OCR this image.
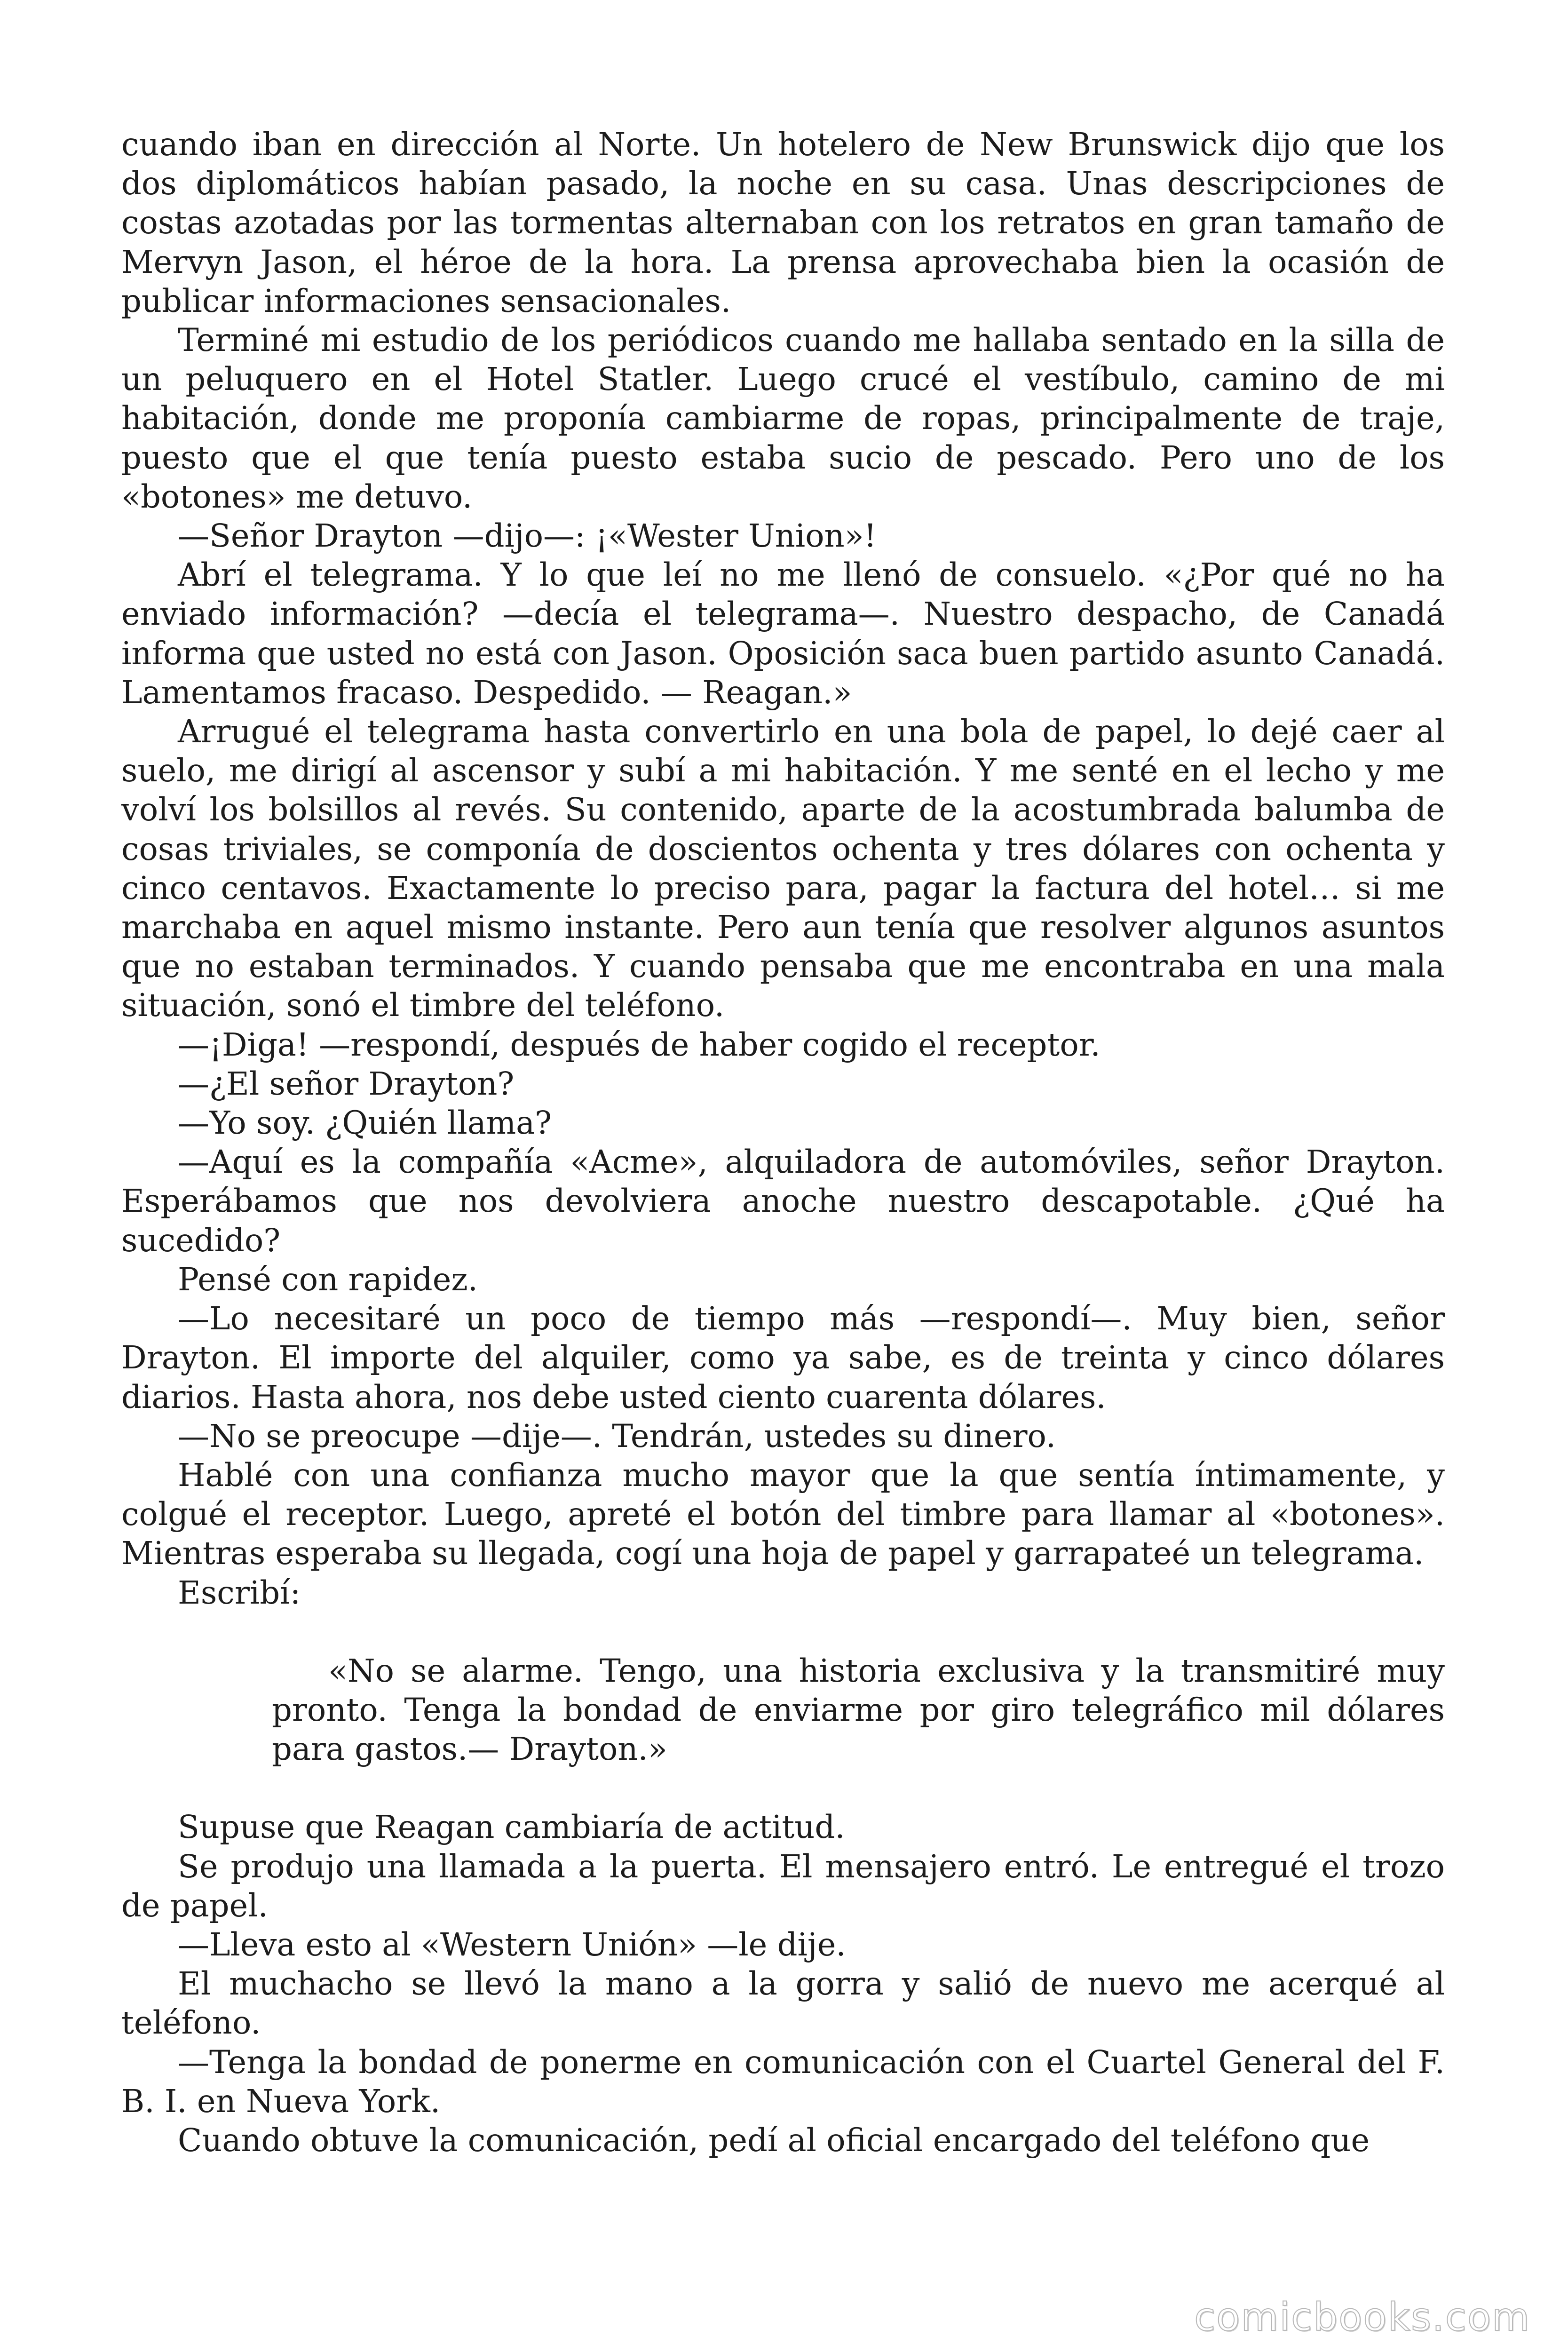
cuando iban en dirección al Norte. Un hotelero de New Brunswick dijo que los dos diplomáticos habían pasado, la noche en su casa. Unas descripciones de costas azotadas por las tormentas alternaban con los retratos en gran tamaño de Mervyn Jason, el héroe de la hora. La prensa aprovechaba bien la ocasión de publicar informaciones sensacionales.

Terminé mi estudio de los periódicos cuando me hallaba sentado en la silla de un peluquero en el Hotel Statler. Luego crucé el vestíbulo, camino de mi habitación, donde me proponía cambiarme de ropas, principalmente de traje, puesto que el que tenía puesto estaba sucio de pescado. Pero uno de los «botones» me detuvo.

—Señor Drayton —dijo—: ¡«Wester Union»!

Abrí el telegrama. Y lo que leí no me llenó de consuelo. «¿Por qué no ha enviado información? —decía el telegrama—. Nuestro despacho, de Canadá informa que usted no está con Jason. Oposición saca buen partido asunto Canadá. Lamentamos fracaso. Despedido. — Reagan.»

Arrugué el telegrama hasta convertirlo en una bola de papel, lo dejé caer al suelo, me dirigí al ascensor y subí a mi habitación. Y me senté en el lecho y me volví los bolsillos al revés. Su contenido, aparte de la acostumbrada balumba de cosas triviales, se componía de doscientos ochenta y tres dólares con ochenta y cinco centavos. Exactamente lo preciso para, pagar la factura del hotel… si me marchaba en aquel mismo instante. Pero aun tenía que resolver algunos asuntos que no estaban terminados. Y cuando pensaba que me encontraba en una mala situación, sonó el timbre del teléfono.

—¡Diga! —respondí, después de haber cogido el receptor.

—¿El señor Drayton?

—Yo soy. ¿Quién llama?

—Aquí es la compañía «Acme», alquiladora de automóviles, señor Drayton. Esperábamos que nos devolviera anoche nuestro descapotable. ¿Qué ha sucedido?

Pensé con rapidez.

—Lo necesitaré un poco de tiempo más —respondí—. Muy bien, señor Drayton. El importe del alquiler, como ya sabe, es de treinta y cinco dólares diarios. Hasta ahora, nos debe usted ciento cuarenta dólares.

—No se preocupe —dije—. Tendrán, ustedes su dinero.

Hablé con una confianza mucho mayor que la que sentía íntimamente, y colgué el receptor. Luego, apreté el botón del timbre para llamar al «botones». Mientras esperaba su llegada, cogí una hoja de papel y garrapateé un telegrama.

Escribí:

«No se alarme. Tengo, una historia exclusiva y la transmitiré muy pronto. Tenga la bondad de enviarme por giro telegráfico mil dólares para gastos.— Drayton.»

Supuse que Reagan cambiaría de actitud.

Se produjo una llamada a la puerta. El mensajero entró. Le entregué el trozo de papel.

—Lleva esto al «Western Unión» —le dije.

El muchacho se llevó la mano a la gorra y salió de nuevo me acerqué al teléfono.

—Tenga la bondad de ponerme en comunicación con el Cuartel General del F. B. I. en Nueva York.

Cuando obtuve la comunicación, pedí al oficial encargado del teléfono que

comicbooks.com
